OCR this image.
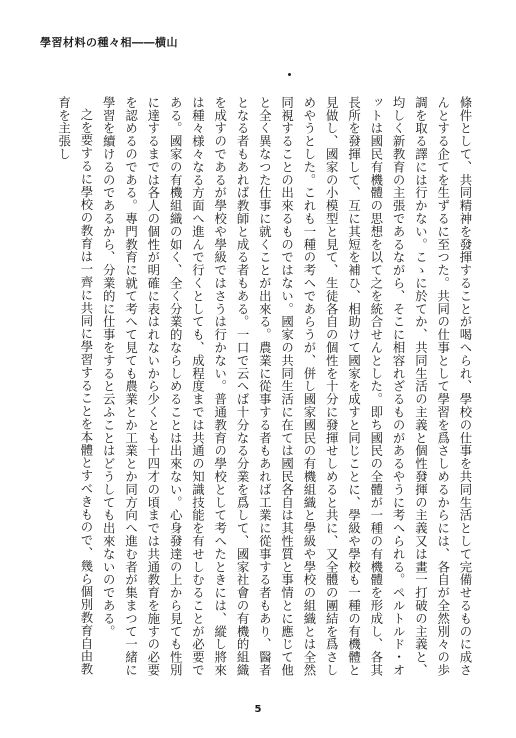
學習材料の種々相――横山

條件として、共同精神を發揮することが喝へられ、學校の仕事を共同生活として完備せるものに成さんとする企てを生ずるに至つた。共同の仕事として學習を爲さしめるからには、各自が全然別々の歩調を取る譯には行かない。こゝに於てか、共同生活の主義と個性發揮の主義又は畫一打破の主義と、均しく新教育の主張であるながら、そこに相容れざるものがあるやうに考へられる。ペルトルド・オットは國民有機體の思想を以て之を統合せんとした。即ち國民の全體が一種の有機體を形成し、各其長所を發揮して、互に其短を補ひ、相助けて國家を成すと同じことに、學級や學校も一種の有機體と見做し、國家の小模型と見て、生徒各自の個性を十分に發揮せしめると共に、又全體の團結を爲さしめやうとした。これも一種の考へであらうが、併し國家國民の有機組織と學級や學校の組織とは全然同視することの出來るものではない。國家の共同生活に在ては國民各自は其性質と事情とに應じて他と全く異なつた仕事に就くことが出來る。農業に從事する者もあれば工業に從事する者もあり、醫者となる者もあれば教師と成る者もある。一口で云へば十分なる分業を爲して、國家社會の有機的組織を成すのであるが學校や學級ではさうは行かない。普通教育の學校として考へたときには、縱し將來は種々様々なる方面へ進んで行くとしても、成程度までは共通の知識技能を有せしむることが必要である。國家の有機組織の如く、全く分業的ならしめることは出來ない。心身發達の上から見ても性別に達するまでは各人の個性が明確に表はれないから少くとも十四才の頃までは共通教育を施すの必要を認めるのである。專門教育に就て考へて見ても農業とか工業とか同方向へ進む者が集まつて一緒に學習を續けるのであるから、分業的に仕事をすると云ふことはどうしても出來ないのである。

之を要するに學校の教育は一齊に共同に學習することを本體とすべきもので、幾ら個別教育自由教育を主張し

5
